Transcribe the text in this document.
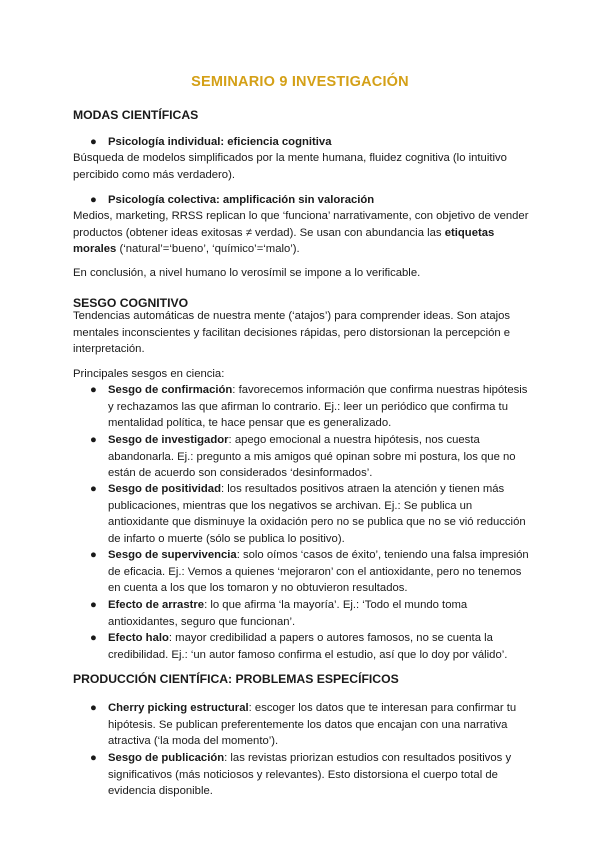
SEMINARIO 9 INVESTIGACIÓN
MODAS CIENTÍFICAS
● Psicología individual: eficiencia cognitiva
Búsqueda de modelos simplificados por la mente humana, fluidez cognitiva (lo intuitivo
percibido como más verdadero).
● Psicología colectiva: amplificación sin valoración
Medios, marketing, RRSS replican lo que ‘funciona’ narrativamente, con objetivo de vender
productos (obtener ideas exitosas ≠ verdad). Se usan con abundancia las etiquetas
morales (‘natural’=‘bueno’, ‘químico’=‘malo’).
En conclusión, a nivel humano lo verosímil se impone a lo verificable.
SESGO COGNITIVO
Tendencias automáticas de nuestra mente (‘atajos’) para comprender ideas. Son atajos
mentales inconscientes y facilitan decisiones rápidas, pero distorsionan la percepción e
interpretación.
Principales sesgos en ciencia:
● Sesgo de confirmación: favorecemos información que confirma nuestras hipótesis
y rechazamos las que afirman lo contrario. Ej.: leer un periódico que confirma tu
mentalidad política, te hace pensar que es generalizado.
● Sesgo de investigador: apego emocional a nuestra hipótesis, nos cuesta
abandonarla. Ej.: pregunto a mis amigos qué opinan sobre mi postura, los que no
están de acuerdo son considerados ‘desinformados’.
● Sesgo de positividad: los resultados positivos atraen la atención y tienen más
publicaciones, mientras que los negativos se archivan. Ej.: Se publica un
antioxidante que disminuye la oxidación pero no se publica que no se vió reducción
de infarto o muerte (sólo se publica lo positivo).
● Sesgo de supervivencia: solo oímos ‘casos de éxito’, teniendo una falsa impresión
de eficacia. Ej.: Vemos a quienes ‘mejoraron’ con el antioxidante, pero no tenemos
en cuenta a los que los tomaron y no obtuvieron resultados.
● Efecto de arrastre: lo que afirma ‘la mayoría’. Ej.: ‘Todo el mundo toma
antioxidantes, seguro que funcionan’.
● Efecto halo: mayor credibilidad a papers o autores famosos, no se cuenta la
credibilidad. Ej.: ‘un autor famoso confirma el estudio, así que lo doy por válido’.
PRODUCCIÓN CIENTÍFICA: PROBLEMAS ESPECÍFICOS
● Cherry picking estructural: escoger los datos que te interesan para confirmar tu
hipótesis. Se publican preferentemente los datos que encajan con una narrativa
atractiva (‘la moda del momento’).
● Sesgo de publicación: las revistas priorizan estudios con resultados positivos y
significativos (más noticiosos y relevantes). Esto distorsiona el cuerpo total de
evidencia disponible.
